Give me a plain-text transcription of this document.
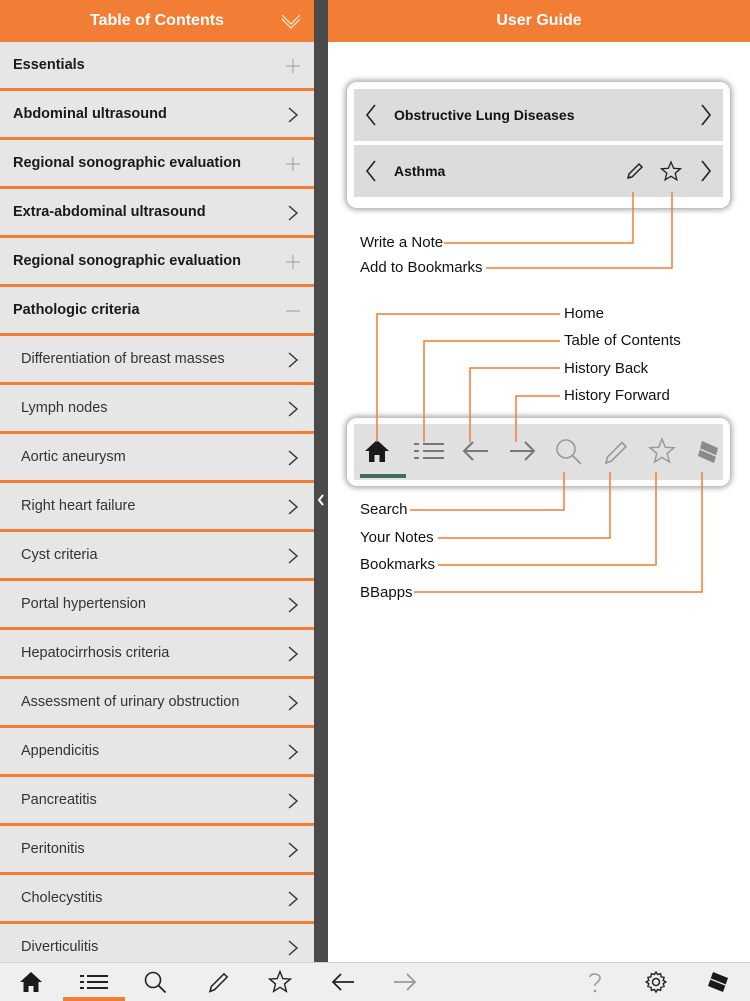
Table of Contents
Essentials
Abdominal ultrasound
Regional sonographic evaluation
Extra-abdominal ultrasound
Regional sonographic evaluation
Pathologic criteria
Differentiation of breast masses
Lymph nodes
Aortic aneurysm
Right heart failure
Cyst criteria
Portal hypertension
Hepatocirrhosis criteria
Assessment of urinary obstruction
Appendicitis
Pancreatitis
Peritonitis
Cholecystitis
Diverticulitis
User Guide
Obstructive Lung Diseases
Asthma
Write a Note
Add to Bookmarks
Home
Table of Contents
History Back
History Forward
Search
Your Notes
Bookmarks
BBapps
